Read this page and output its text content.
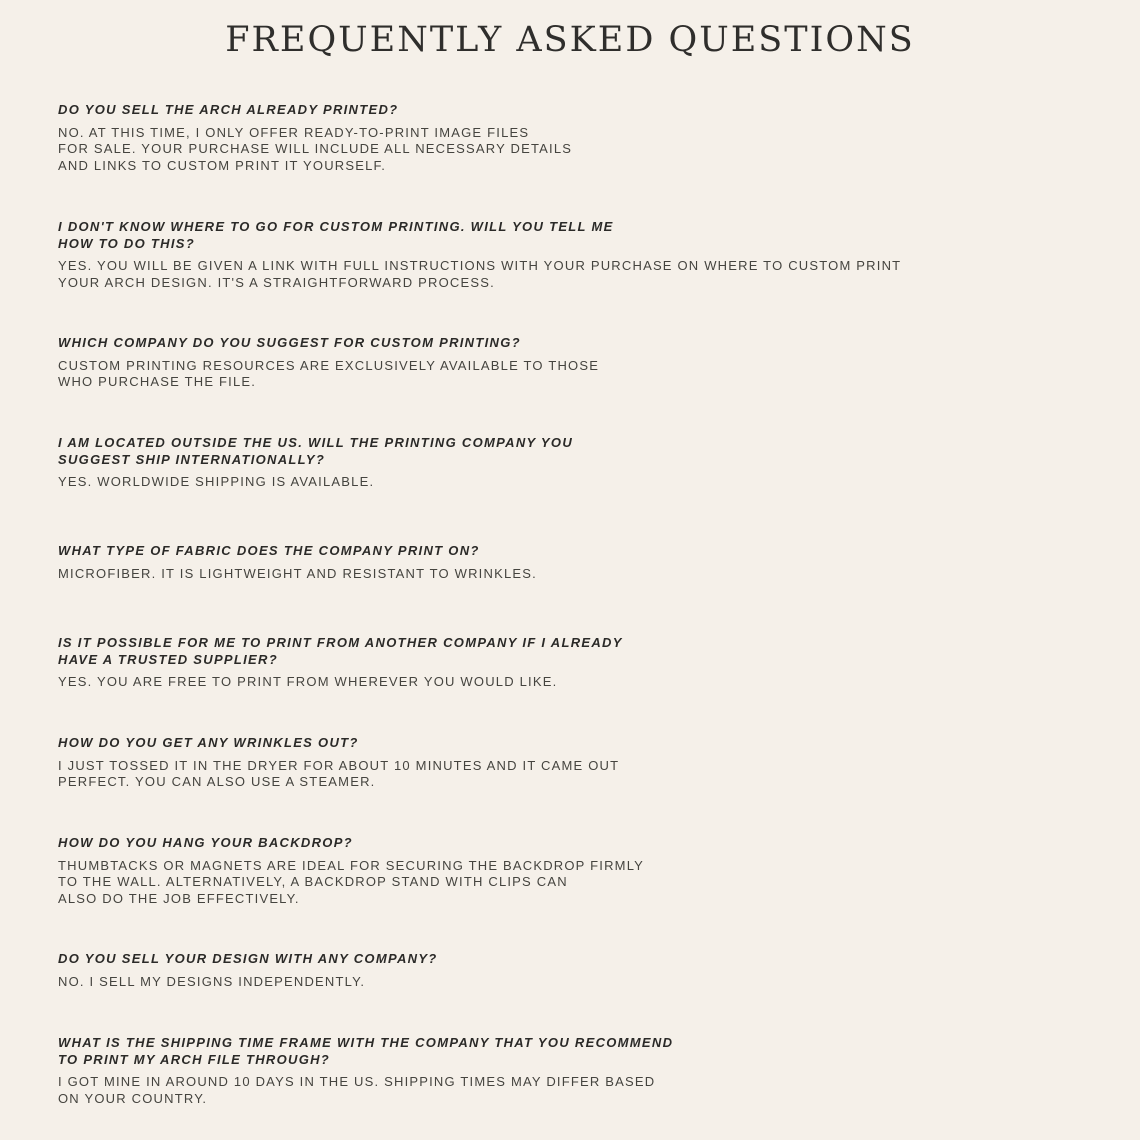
FREQUENTLY ASKED QUESTIONS

DO YOU SELL THE ARCH ALREADY PRINTED?

NO. AT THIS TIME, I ONLY OFFER READY-TO-PRINT IMAGE FILES
FOR SALE. YOUR PURCHASE WILL INCLUDE ALL NECESSARY DETAILS
AND LINKS TO CUSTOM PRINT IT YOURSELF.

I DON'T KNOW WHERE TO GO FOR CUSTOM PRINTING. WILL YOU TELL ME
HOW TO DO THIS?

YES. YOU WILL BE GIVEN A LINK WITH FULL INSTRUCTIONS WITH YOUR PURCHASE ON WHERE TO CUSTOM PRINT
YOUR ARCH DESIGN. IT'S A STRAIGHTFORWARD PROCESS.

WHICH COMPANY DO YOU SUGGEST FOR CUSTOM PRINTING?

CUSTOM PRINTING RESOURCES ARE EXCLUSIVELY AVAILABLE TO THOSE
WHO PURCHASE THE FILE.

I AM LOCATED OUTSIDE THE US. WILL THE PRINTING COMPANY YOU
SUGGEST SHIP INTERNATIONALLY?

YES. WORLDWIDE SHIPPING IS AVAILABLE.

WHAT TYPE OF FABRIC DOES THE COMPANY PRINT ON?

MICROFIBER. IT IS LIGHTWEIGHT AND RESISTANT TO WRINKLES.

IS IT POSSIBLE FOR ME TO PRINT FROM ANOTHER COMPANY IF I ALREADY
HAVE A TRUSTED SUPPLIER?

YES. YOU ARE FREE TO PRINT FROM WHEREVER YOU WOULD LIKE.

HOW DO YOU GET ANY WRINKLES OUT?

I JUST TOSSED IT IN THE DRYER FOR ABOUT 10 MINUTES AND IT CAME OUT
PERFECT. YOU CAN ALSO USE A STEAMER.

HOW DO YOU HANG YOUR BACKDROP?

THUMBTACKS OR MAGNETS ARE IDEAL FOR SECURING THE BACKDROP FIRMLY
TO THE WALL. ALTERNATIVELY, A BACKDROP STAND WITH CLIPS CAN
ALSO DO THE JOB EFFECTIVELY.

DO YOU SELL YOUR DESIGN WITH ANY COMPANY?

NO. I SELL MY DESIGNS INDEPENDENTLY.

WHAT IS THE SHIPPING TIME FRAME WITH THE COMPANY THAT YOU RECOMMEND
TO PRINT MY ARCH FILE THROUGH?

I GOT MINE IN AROUND 10 DAYS IN THE US. SHIPPING TIMES MAY DIFFER BASED
ON YOUR COUNTRY.
